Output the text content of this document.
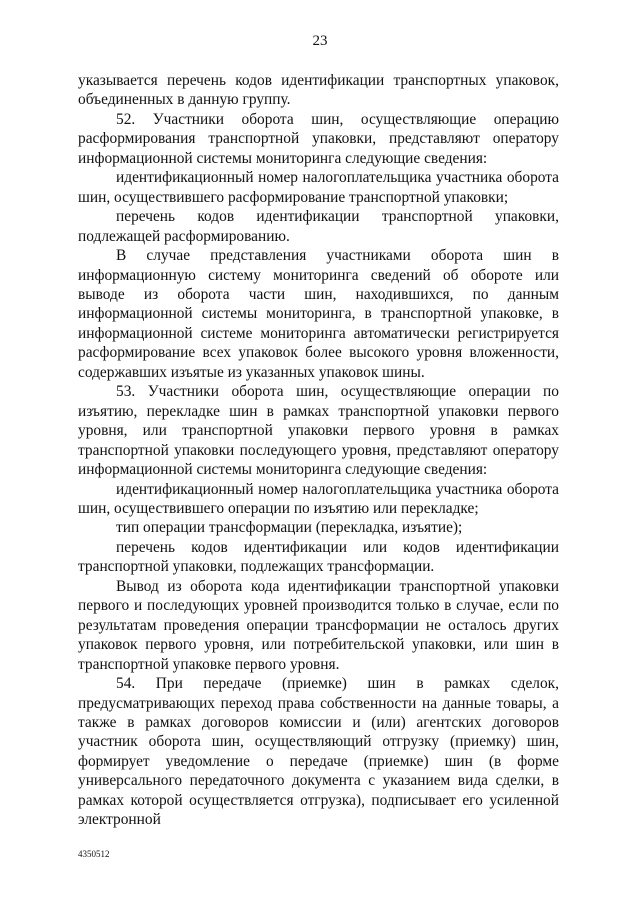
23

указывается перечень кодов идентификации транспортных упаковок, объединенных в данную группу.

52. Участники оборота шин, осуществляющие операцию расформирования транспортной упаковки, представляют оператору информационной системы мониторинга следующие сведения:

идентификационный номер налогоплательщика участника оборота шин, осуществившего расформирование транспортной упаковки;

перечень кодов идентификации транспортной упаковки, подлежащей расформированию.

В случае представления участниками оборота шин в информационную систему мониторинга сведений об обороте или выводе из оборота части шин, находившихся, по данным информационной системы мониторинга, в транспортной упаковке, в информационной системе мониторинга автоматически регистрируется расформирование всех упаковок более высокого уровня вложенности, содержавших изъятые из указанных упаковок шины.

53. Участники оборота шин, осуществляющие операции по изъятию, перекладке шин в рамках транспортной упаковки первого уровня, или транспортной упаковки первого уровня в рамках транспортной упаковки последующего уровня, представляют оператору информационной системы мониторинга следующие сведения:

идентификационный номер налогоплательщика участника оборота шин, осуществившего операции по изъятию или перекладке;

тип операции трансформации (перекладка, изъятие);

перечень кодов идентификации или кодов идентификации транспортной упаковки, подлежащих трансформации.

Вывод из оборота кода идентификации транспортной упаковки первого и последующих уровней производится только в случае, если по результатам проведения операции трансформации не осталось других упаковок первого уровня, или потребительской упаковки, или шин в транспортной упаковке первого уровня.

54. При передаче (приемке) шин в рамках сделок, предусматривающих переход права собственности на данные товары, а также в рамках договоров комиссии и (или) агентских договоров участник оборота шин, осуществляющий отгрузку (приемку) шин, формирует уведомление о передаче (приемке) шин (в форме универсального передаточного документа с указанием вида сделки, в рамках которой осуществляется отгрузка), подписывает его усиленной электронной

4350512
